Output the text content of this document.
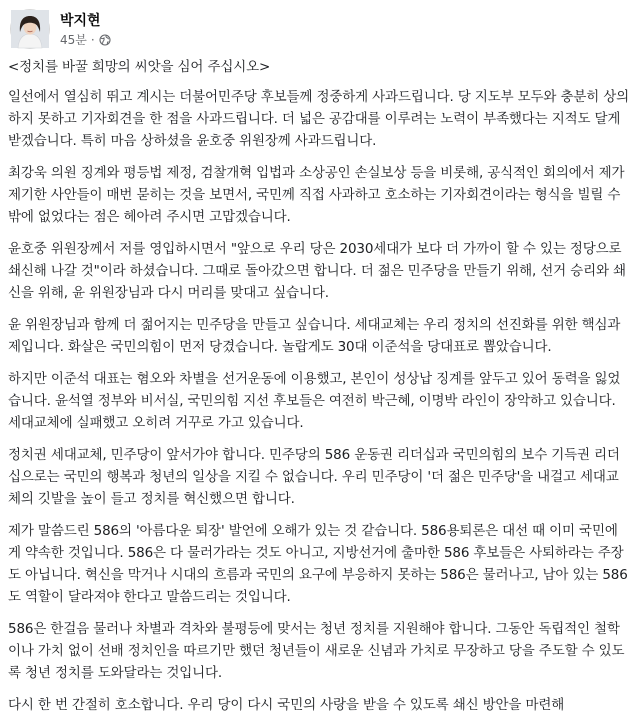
박지현
45분 ·

<정치를 바꿀 희망의 씨앗을 심어 주십시오>

일선에서 열심히 뛰고 계시는 더불어민주당 후보들께 정중하게 사과드립니다. 당 지도부 모두와 충분히 상의하지 못하고 기자회견을 한 점을 사과드립니다. 더 넓은 공감대를 이루려는 노력이 부족했다는 지적도 달게 받겠습니다. 특히 마음 상하셨을 윤호중 위원장께 사과드립니다.

최강욱 의원 징계와 평등법 제정, 검찰개혁 입법과 소상공인 손실보상 등을 비롯해, 공식적인 회의에서 제가 제기한 사안들이 매번 묻히는 것을 보면서, 국민께 직접 사과하고 호소하는 기자회견이라는 형식을 빌릴 수밖에 없었다는 점은 헤아려 주시면 고맙겠습니다.

윤호중 위원장께서 저를 영입하시면서 "앞으로 우리 당은 2030세대가 보다 더 가까이 할 수 있는 정당으로 쇄신해 나갈 것"이라 하셨습니다. 그때로 돌아갔으면 합니다. 더 젊은 민주당을 만들기 위해, 선거 승리와 쇄신을 위해, 윤 위원장님과 다시 머리를 맞대고 싶습니다.

윤 위원장님과 함께 더 젊어지는 민주당을 만들고 싶습니다. 세대교체는 우리 정치의 선진화를 위한 핵심과제입니다. 화살은 국민의힘이 먼저 당겼습니다. 놀랍게도 30대 이준석을 당대표로 뽑았습니다.

하지만 이준석 대표는 혐오와 차별을 선거운동에 이용했고, 본인이 성상납 징계를 앞두고 있어 동력을 잃었습니다. 윤석열 정부와 비서실, 국민의힘 지선 후보들은 여전히 박근혜, 이명박 라인이 장악하고 있습니다. 세대교체에 실패했고 오히려 거꾸로 가고 있습니다.

정치권 세대교체, 민주당이 앞서가야 합니다. 민주당의 586 운동권 리더십과 국민의힘의 보수 기득권 리더십으로는 국민의 행복과 청년의 일상을 지킬 수 없습니다. 우리 민주당이 '더 젊은 민주당'을 내걸고 세대교체의 깃발을 높이 들고 정치를 혁신했으면 합니다.

제가 말씀드린 586의 '아름다운 퇴장' 발언에 오해가 있는 것 같습니다. 586용퇴론은 대선 때 이미 국민에게 약속한 것입니다. 586은 다 물러가라는 것도 아니고, 지방선거에 출마한 586 후보들은 사퇴하라는 주장도 아닙니다. 혁신을 막거나 시대의 흐름과 국민의 요구에 부응하지 못하는 586은 물러나고, 남아 있는 586도 역할이 달라져야 한다고 말씀드리는 것입니다.

586은 한걸음 물러나 차별과 격차와 불평등에 맞서는 청년 정치를 지원해야 합니다. 그동안 독립적인 철학이나 가치 없이 선배 정치인을 따르기만 했던 청년들이 새로운 신념과 가치로 무장하고 당을 주도할 수 있도록 청년 정치를 도와달라는 것입니다.

다시 한 번 간절히 호소합니다. 우리 당이 다시 국민의 사랑을 받을 수 있도록 쇄신 방안을 마련해
